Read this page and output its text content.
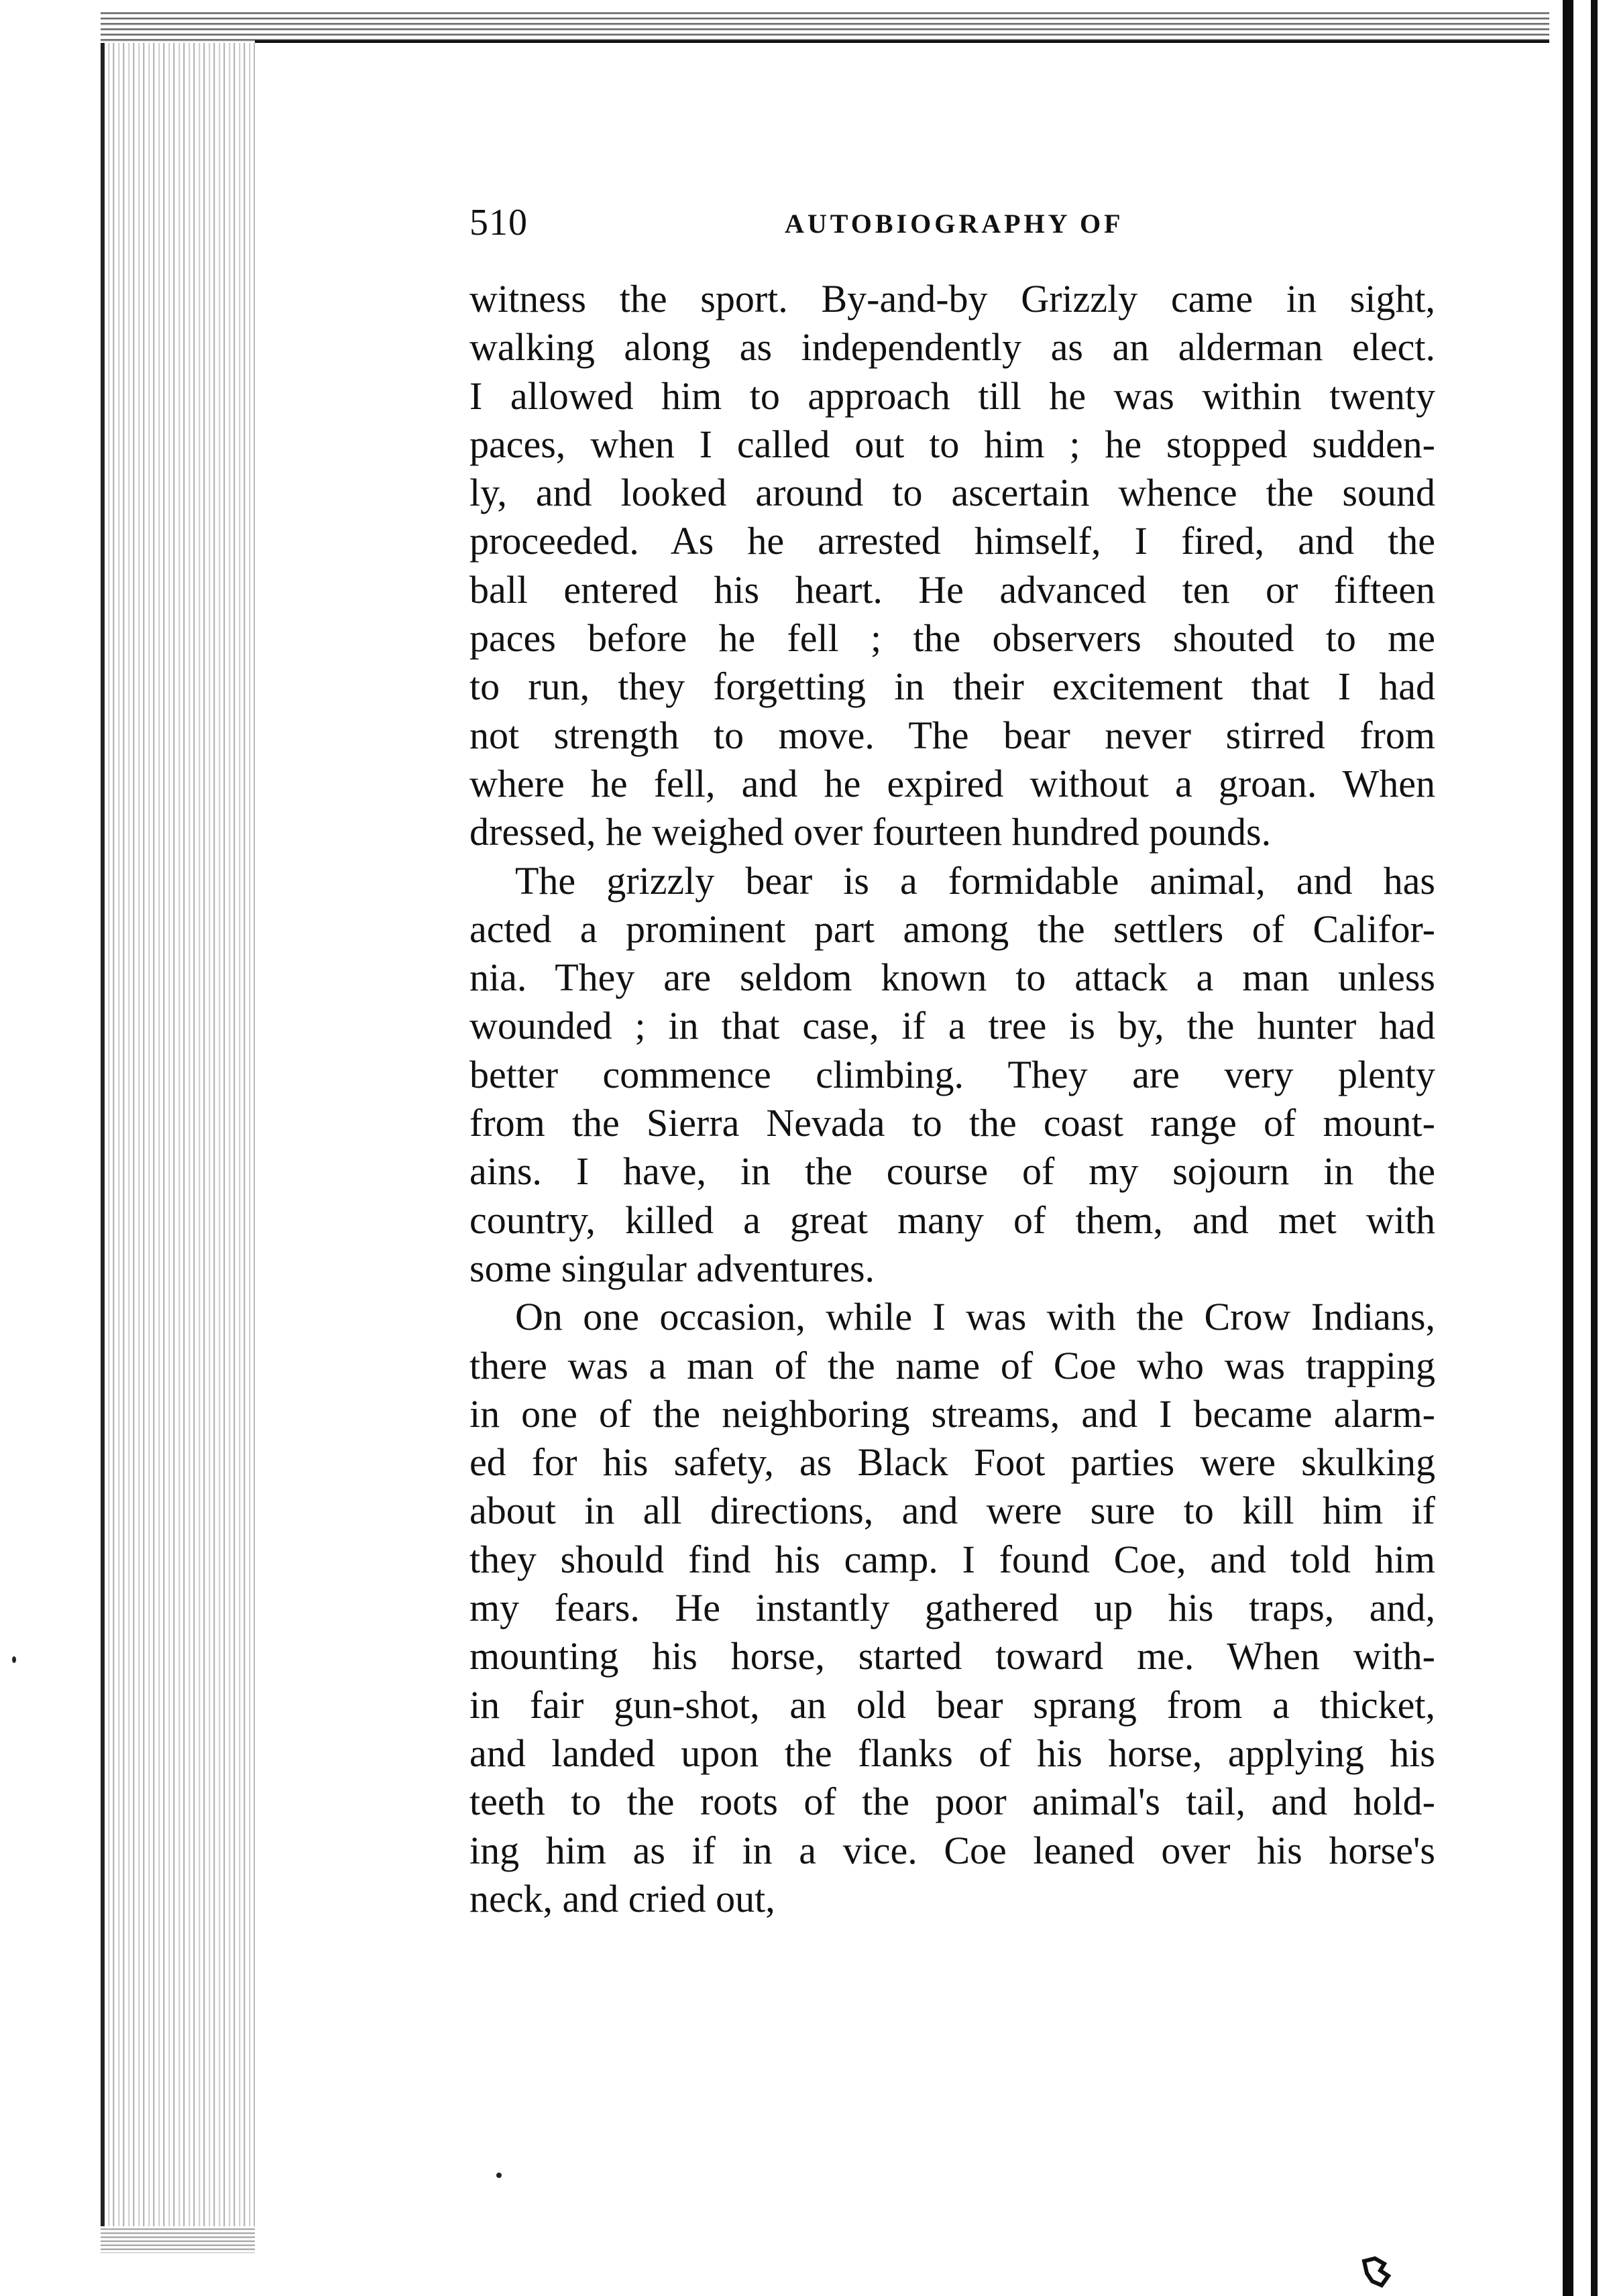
510	AUTOBIOGRAPHY OF

witness the sport. By-and-by Grizzly came in sight,
walking along as independently as an alderman elect.
I allowed him to approach till he was within twenty
paces, when I called out to him ; he stopped sudden-
ly, and looked around to ascertain whence the sound
proceeded. As he arrested himself, I fired, and the
ball entered his heart. He advanced ten or fifteen
paces before he fell ; the observers shouted to me
to run, they forgetting in their excitement that I had
not strength to move. The bear never stirred from
where he fell, and he expired without a groan. When
dressed, he weighed over fourteen hundred pounds.

The grizzly bear is a formidable animal, and has
acted a prominent part among the settlers of Califor-
nia. They are seldom known to attack a man unless
wounded ; in that case, if a tree is by, the hunter had
better commence climbing. They are very plenty
from the Sierra Nevada to the coast range of mount-
ains. I have, in the course of my sojourn in the
country, killed a great many of them, and met with
some singular adventures.

On one occasion, while I was with the Crow Indians,
there was a man of the name of Coe who was trapping
in one of the neighboring streams, and I became alarm-
ed for his safety, as Black Foot parties were skulking
about in all directions, and were sure to kill him if
they should find his camp. I found Coe, and told him
my fears. He instantly gathered up his traps, and,
mounting his horse, started toward me. When with-
in fair gun-shot, an old bear sprang from a thicket,
and landed upon the flanks of his horse, applying his
teeth to the roots of the poor animal's tail, and hold-
ing him as if in a vice. Coe leaned over his horse's
neck, and cried out,
